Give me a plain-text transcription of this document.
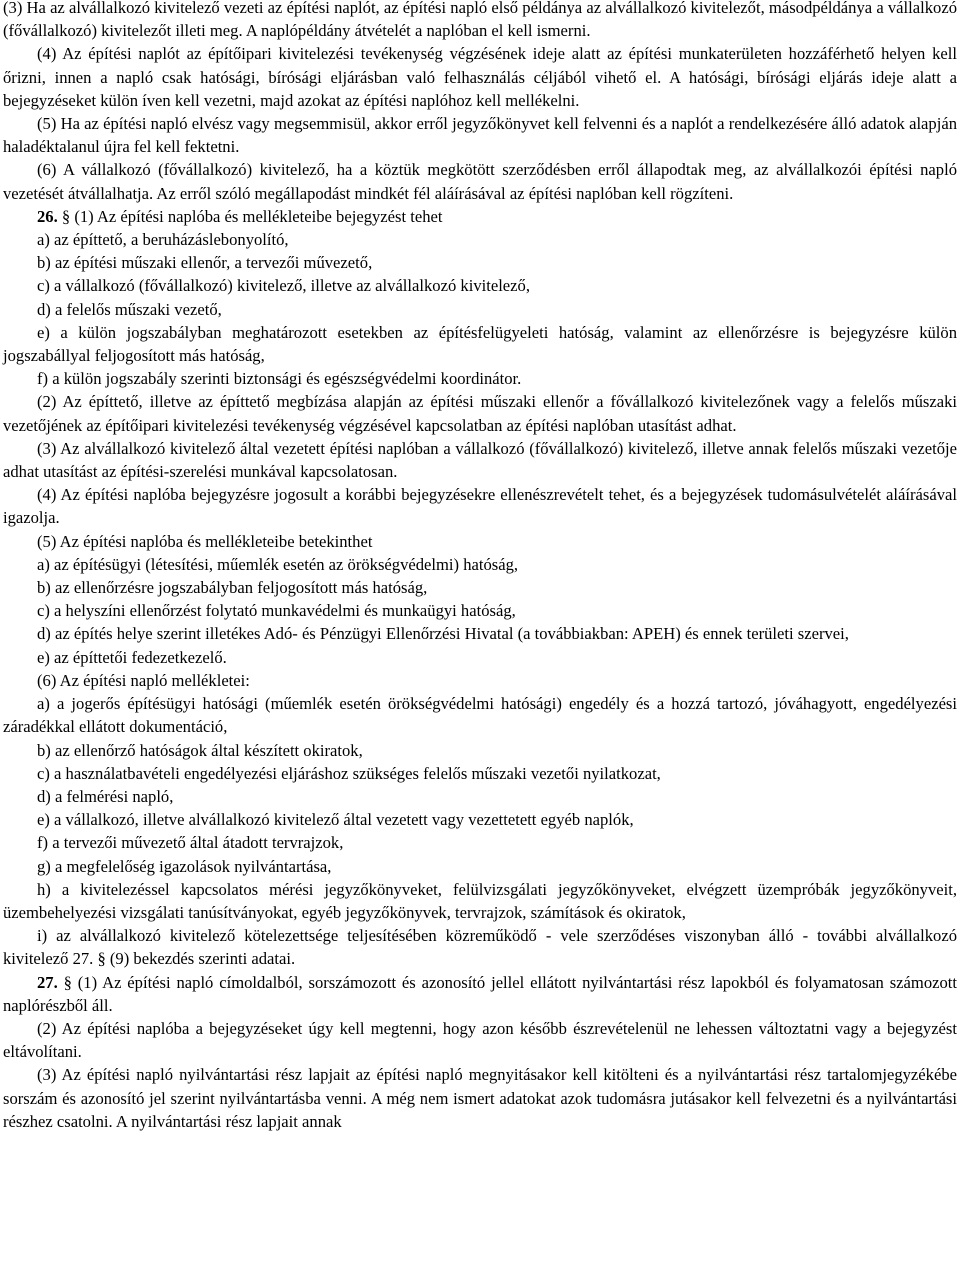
(3) Ha az alvállalkozó kivitelező vezeti az építési naplót, az építési napló első példánya az alvállalkozó kivitelezőt, másodpéldánya a vállalkozó (fővállalkozó) kivitelezőt illeti meg. A naplópéldány átvételét a naplóban el kell ismerni.

(4) Az építési naplót az építőipari kivitelezési tevékenység végzésének ideje alatt az építési munkaterületen hozzáférhető helyen kell őrizni, innen a napló csak hatósági, bírósági eljárásban való felhasználás céljából vihető el. A hatósági, bírósági eljárás ideje alatt a bejegyzéseket külön íven kell vezetni, majd azokat az építési naplóhoz kell mellékelni.

(5) Ha az építési napló elvész vagy megsemmisül, akkor erről jegyzőkönyvet kell felvenni és a naplót a rendelkezésére álló adatok alapján haladéktalanul újra fel kell fektetni.

(6) A vállalkozó (fővállalkozó) kivitelező, ha a köztük megkötött szerződésben erről állapodtak meg, az alvállalkozói építési napló vezetését átvállalhatja. Az erről szóló megállapodást mindkét fél aláírásával az építési naplóban kell rögzíteni.

26. § (1) Az építési naplóba és mellékleteibe bejegyzést tehet

a) az építtető, a beruházáslebonyolító,

b) az építési műszaki ellenőr, a tervezői művezető,

c) a vállalkozó (fővállalkozó) kivitelező, illetve az alvállalkozó kivitelező,

d) a felelős műszaki vezető,

e) a külön jogszabályban meghatározott esetekben az építésfelügyeleti hatóság, valamint az ellenőrzésre is bejegyzésre külön jogszabállyal feljogosított más hatóság,

f) a külön jogszabály szerinti biztonsági és egészségvédelmi koordinátor.

(2) Az építtető, illetve az építtető megbízása alapján az építési műszaki ellenőr a fővállalkozó kivitelezőnek vagy a felelős műszaki vezetőjének az építőipari kivitelezési tevékenység végzésével kapcsolatban az építési naplóban utasítást adhat.

(3) Az alvállalkozó kivitelező által vezetett építési naplóban a vállalkozó (fővállalkozó) kivitelező, illetve annak felelős műszaki vezetője adhat utasítást az építési-szerelési munkával kapcsolatosan.

(4) Az építési naplóba bejegyzésre jogosult a korábbi bejegyzésekre ellenészrevételt tehet, és a bejegyzések tudomásulvételét aláírásával igazolja.

(5) Az építési naplóba és mellékleteibe betekinthet

a) az építésügyi (létesítési, műemlék esetén az örökségvédelmi) hatóság,

b) az ellenőrzésre jogszabályban feljogosított más hatóság,

c) a helyszíni ellenőrzést folytató munkavédelmi és munkaügyi hatóság,

d) az építés helye szerint illetékes Adó- és Pénzügyi Ellenőrzési Hivatal (a továbbiakban: APEH) és ennek területi szervei,

e) az építtetői fedezetkezelő.

(6) Az építési napló mellékletei:

a) a jogerős építésügyi hatósági (műemlék esetén örökségvédelmi hatósági) engedély és a hozzá tartozó, jóváhagyott, engedélyezési záradékkal ellátott dokumentáció,

b) az ellenőrző hatóságok által készített okiratok,

c) a használatbavételi engedélyezési eljáráshoz szükséges felelős műszaki vezetői nyilatkozat,

d) a felmérési napló,

e) a vállalkozó, illetve alvállalkozó kivitelező által vezetett vagy vezettetett egyéb naplók,

f) a tervezői művezető által átadott tervrajzok,

g) a megfelelőség igazolások nyilvántartása,

h) a kivitelezéssel kapcsolatos mérési jegyzőkönyveket, felülvizsgálati jegyzőkönyveket, elvégzett üzempróbák jegyzőkönyveit, üzembehelyezési vizsgálati tanúsítványokat, egyéb jegyzőkönyvek, tervrajzok, számítások és okiratok,

i) az alvállalkozó kivitelező kötelezettsége teljesítésében közreműködő - vele szerződéses viszonyban álló - további alvállalkozó kivitelező 27. § (9) bekezdés szerinti adatai.

27. § (1) Az építési napló címoldalból, sorszámozott és azonosító jellel ellátott nyilvántartási rész lapokból és folyamatosan számozott naplórészből áll.

(2) Az építési naplóba a bejegyzéseket úgy kell megtenni, hogy azon később észrevételenül ne lehessen változtatni vagy a bejegyzést eltávolítani.

(3) Az építési napló nyilvántartási rész lapjait az építési napló megnyitásakor kell kitölteni és a nyilvántartási rész tartalomjegyzékébe sorszám és azonosító jel szerint nyilvántartásba venni. A még nem ismert adatokat azok tudomásra jutásakor kell felvezetni és a nyilvántartási részhez csatolni. A nyilvántartási rész lapjait annak
